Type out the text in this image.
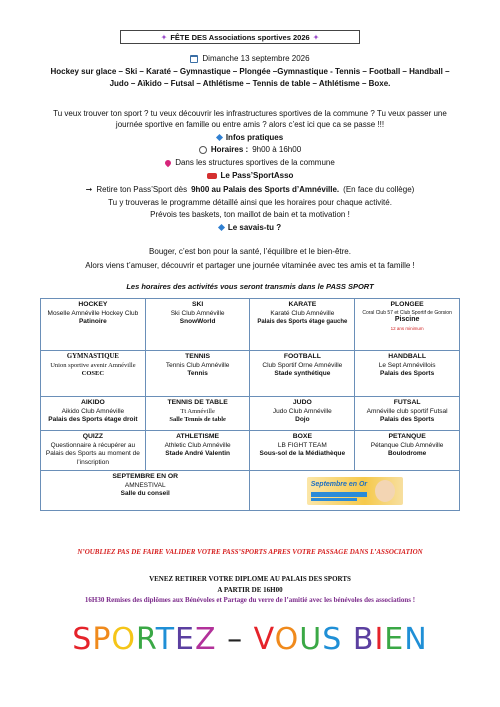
✦ FÊTE DES Associations sportives 2026 ✦
Dimanche 13 septembre 2026
Hockey sur glace – Ski – Karaté – Gymnastique – Plongée –Gymnastique - Tennis – Football – Handball – Judo – Aïkido – Futsal – Athlétisme – Tennis de table – Athlétisme – Boxe.
Tu veux trouver ton sport ? tu veux découvrir les infrastructures sportives de la commune ? Tu veux passer une journée sportive en famille ou entre amis ? alors c’est ici que ca se passe !!!
Infos pratiques
Horaires : 9h00 à 16h00
Dans les structures sportives de la commune
Le Pass’SportAsso
➞ Retire ton Pass’Sport dès 9h00 au Palais des Sports d’Amnéville. (En face du collège)
Tu y trouveras le programme détaillé ainsi que les horaires pour chaque activité.
Prévois tes baskets, ton maillot de bain et ta motivation !
Le savais-tu ?
Bouger, c’est bon pour la santé, l’équilibre et le bien-être.
Alors viens t’amuser, découvrir et partager une journée vitaminée avec tes amis et ta famille !
Les horaires des activités vous seront transmis dans le PASS SPORT
HOCKEY
Moselle Amnéville Hockey Club
Patinoire	SKI
Ski Club Amnéville
SnowWorld	KARATE
Karaté Club Amnéville
Palais des Sports étage gauche	PLONGEE
Coral Club 57 et Club Sportif de Gorsion
Piscine
12 ans minimum

GYMNASTIQUE
Union sportive avenir Amnéville
COSEC	TENNIS
Tennis Club Amnéville
Tennis	FOOTBALL
Club Sportif Orne Amnéville
Stade synthétique	HANDBALL
Le Sept Amnévillois
Palais des Sports

AIKIDO
Aikido Club Amnéville
Palais des Sports étage droit	TENNIS DE TABLE
Tt Amnéville
Salle Tennis de table	JUDO
Judo Club Amnéville
Dojo	FUTSAL
Amnéville club sportif Futsal
Palais des Sports

QUIZZ
Questionnaire à récupérer au Palais des Sports au moment de l’inscription	ATHLETISME
Athletic Club Amnéville
Stade André Valentin	BOXE
LB FIGHT TEAM
Sous-sol de la Médiathèque	PETANQUE
Pétanque Club Amnéville
Boulodrome

SEPTEMBRE EN OR
AMNESTIVAL
Salle du conseil		Septembre en Or	
N’OUBLIEZ PAS DE FAIRE VALIDER VOTRE PASS’SPORTS APRES VOTRE PASSAGE DANS L’ASSOCIATION
VENEZ RETIRER VOTRE DIPLOME AU PALAIS DES SPORTS
A PARTIR DE 16H00
16H30 Remises des diplômes aux Bénévoles et Partage du verre de l’amitié avec les bénévoles des associations !
SPORTEZ – VOUS BIEN
